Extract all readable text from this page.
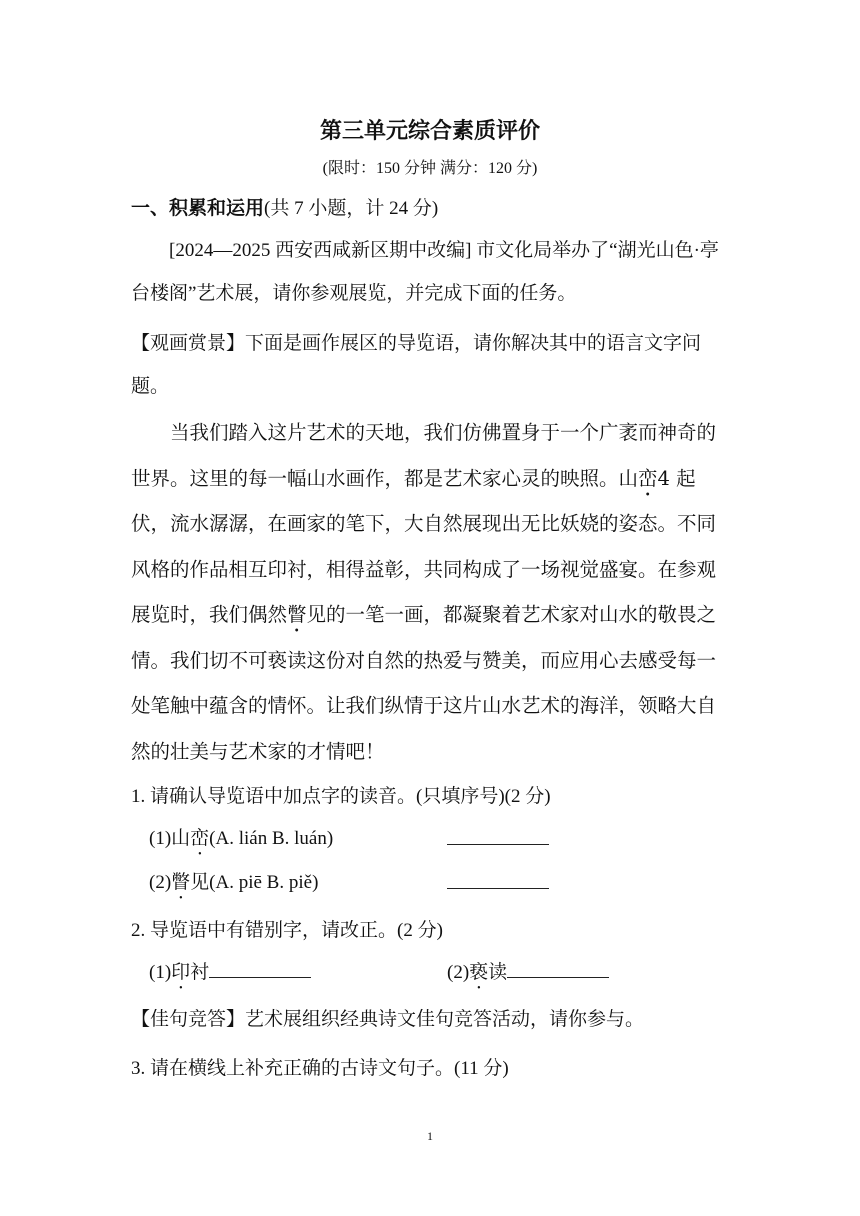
第三单元综合素质评价
(限时：150 分钟 满分：120 分)
一、积累和运用(共 7 小题，计 24 分)
[2024—2025 西安西咸新区期中改编] 市文化局举办了“湖光山色·亭台楼阁”艺术展，请你参观展览，并完成下面的任务。
【观画赏景】下面是画作展区的导览语，请你解决其中的语言文字问题。
当我们踏入这片艺术的天地，我们仿佛置身于一个广袤而神奇的世界。这里的每一幅山水画作，都是艺术家心灵的映照。山峦4 起伏，流水潺潺，在画家的笔下，大自然展现出无比妖娆的姿态。不同风格的作品相互印衬，相得益彰，共同构成了一场视觉盛宴。在参观展览时，我们偶然瞥见的一笔一画，都凝聚着艺术家对山水的敬畏之情。我们切不可亵读这份对自然的热爱与赞美，而应用心去感受每一处笔触中蕴含的情怀。让我们纵情于这片山水艺术的海洋，领略大自然的壮美与艺术家的才情吧！
1. 请确认导览语中加点字的读音。(只填序号)(2 分)
(1)山峦(A. lián B. luán)
(2)瞥见(A. piē B. piě)
2. 导览语中有错别字，请改正。(2 分)
(1)印衬	(2)亵读
【佳句竞答】艺术展组织经典诗文佳句竞答活动，请你参与。
3. 请在横线上补充正确的古诗文句子。(11 分)
1
